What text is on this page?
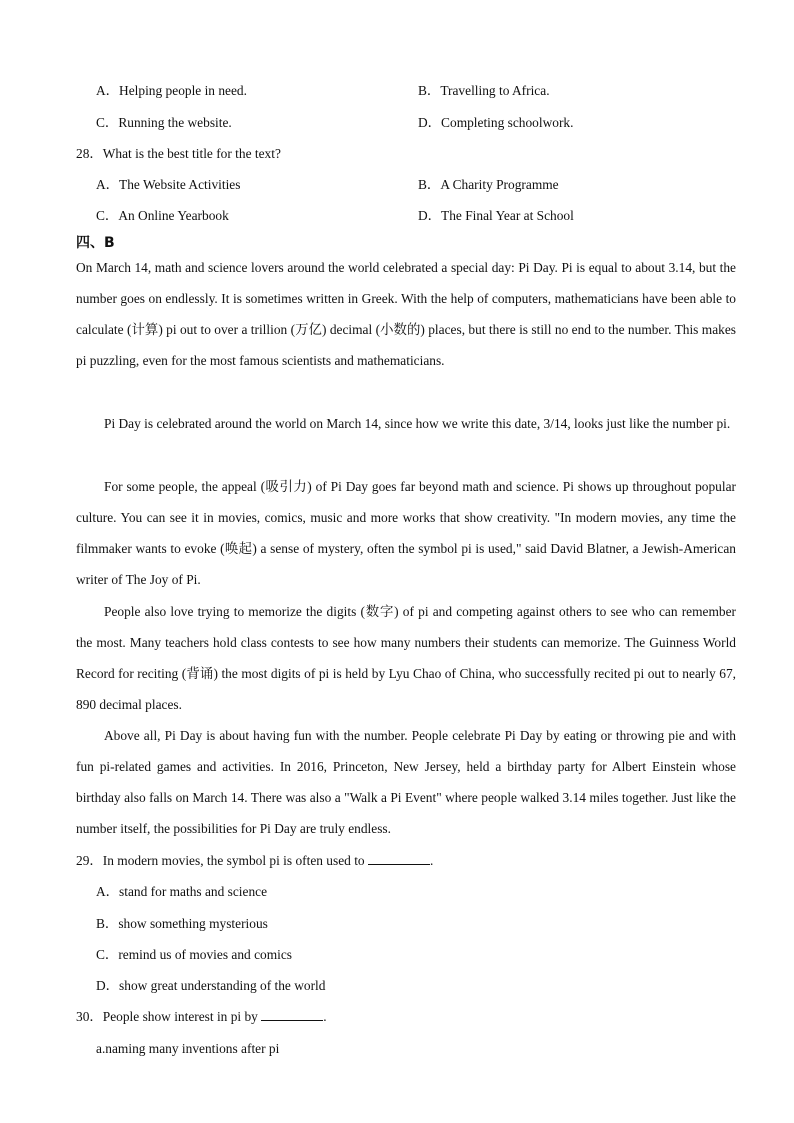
A．Helping people in need.	B．Travelling to Africa.
C．Running the website.	D．Completing schoolwork.
28．What is the best title for the text?
A．The Website Activities	B．A Charity Programme
C．An Online Yearbook	D．The Final Year at School
四、B
On March 14, math and science lovers around the world celebrated a special day: Pi Day. Pi is equal to about 3.14, but the number goes on endlessly. It is sometimes written in Greek. With the help of computers, mathematicians have been able to calculate (计算) pi out to over a trillion (万亿) decimal (小数的) places, but there is still no end to the number. This makes pi puzzling, even for the most famous scientists and mathematicians.
Pi Day is celebrated around the world on March 14, since how we write this date, 3/14, looks just like the number pi.
For some people, the appeal (吸引力) of Pi Day goes far beyond math and science. Pi shows up throughout popular culture. You can see it in movies, comics, music and more works that show creativity. "In modern movies, any time the filmmaker wants to evoke (唤起) a sense of mystery, often the symbol pi is used," said David Blatner, a Jewish-American writer of The Joy of Pi.
People also love trying to memorize the digits (数字) of pi and competing against others to see who can remember the most. Many teachers hold class contests to see how many numbers their students can memorize. The Guinness World Record for reciting (背诵) the most digits of pi is held by Lyu Chao of China, who successfully recited pi out to nearly 67, 890 decimal places.
Above all, Pi Day is about having fun with the number. People celebrate Pi Day by eating or throwing pie and with fun pi-related games and activities. In 2016, Princeton, New Jersey, held a birthday party for Albert Einstein whose birthday also falls on March 14. There was also a "Walk a Pi Event" where people walked 3.14 miles together. Just like the number itself, the possibilities for Pi Day are truly endless.
29．In modern movies, the symbol pi is often used to	.
A．stand for maths and science
B．show something mysterious
C．remind us of movies and comics
D．show great understanding of the world
30．People show interest in pi by	.
a.naming many inventions after pi
